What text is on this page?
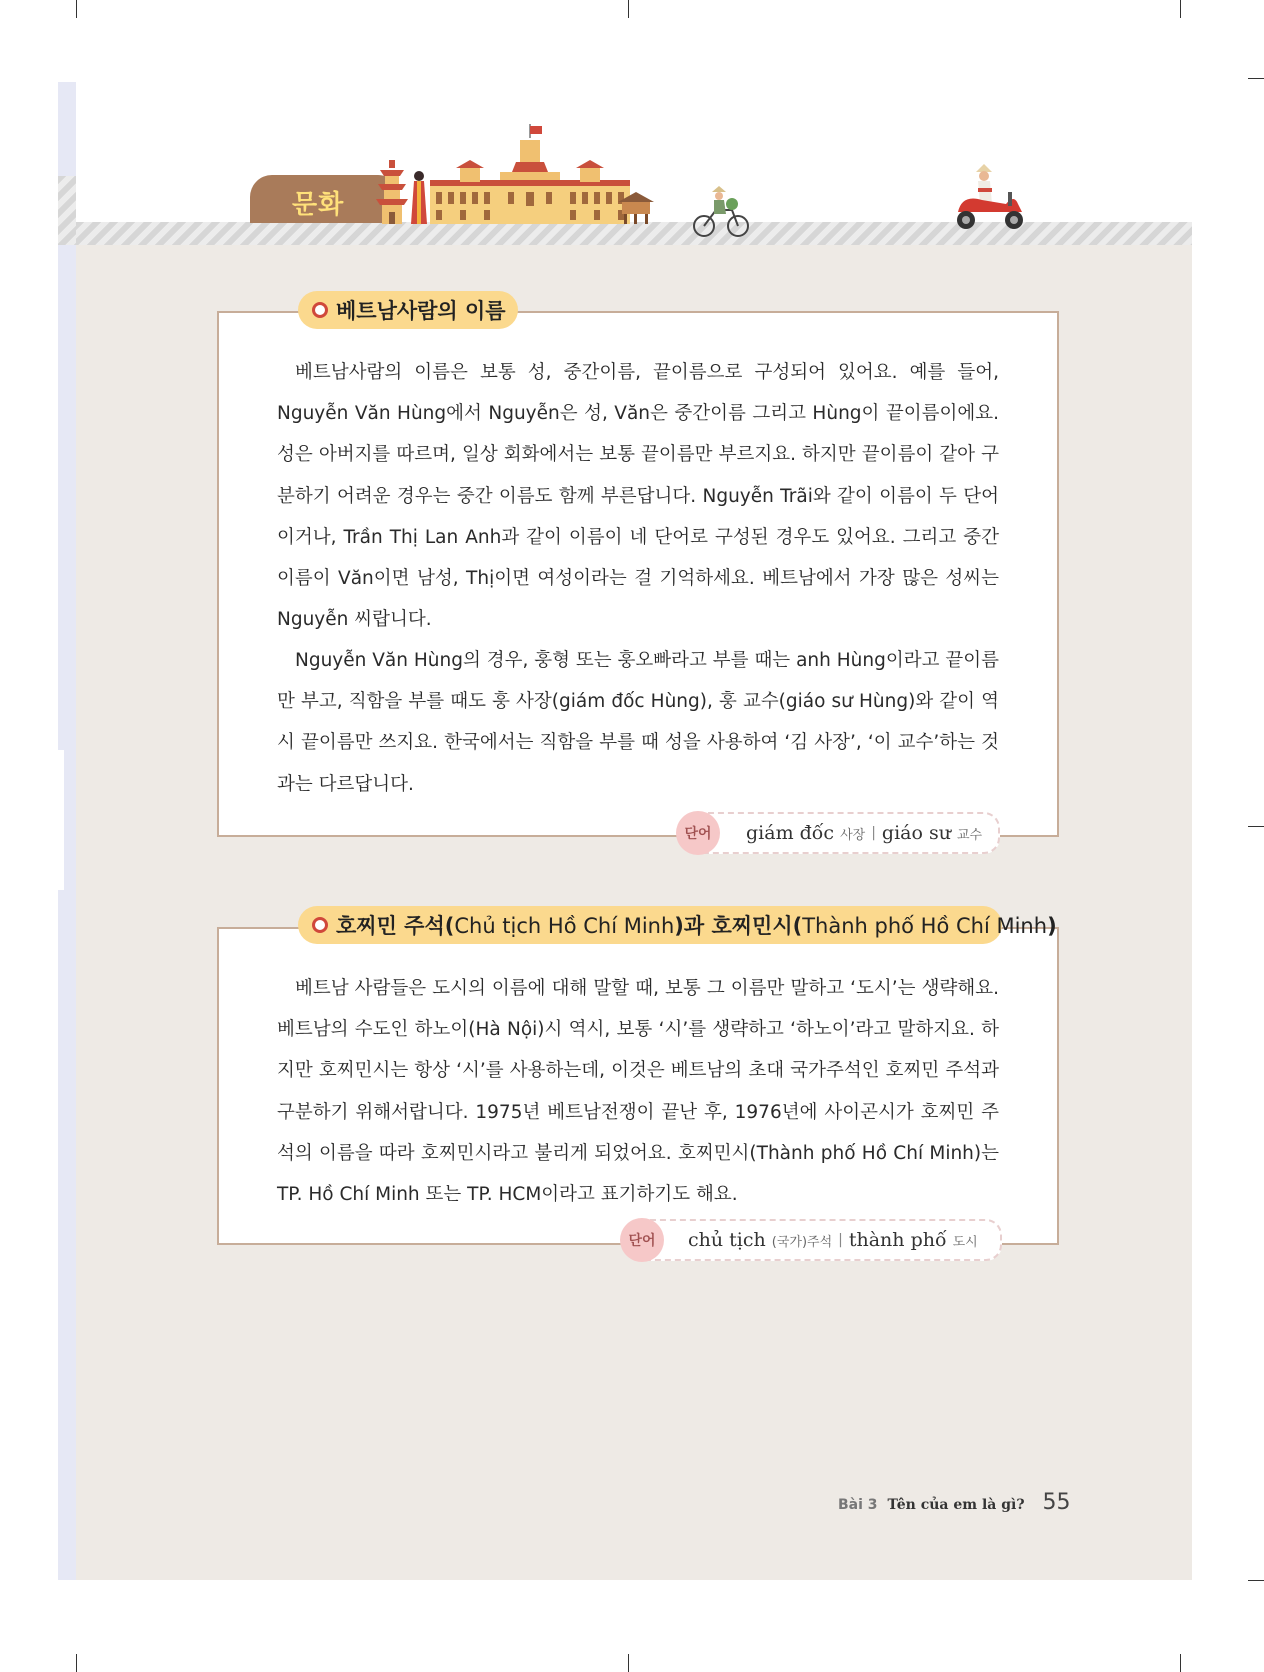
문화
베트남사람의 이름

베트남사람의 이름은 보통 성, 중간이름, 끝이름으로 구성되어 있어요. 예를 들어, Nguyễn Văn Hùng에서 Nguyễn은 성, Văn은 중간이름 그리고 Hùng이 끝이름이에요. 성은 아버지를 따르며, 일상 회화에서는 보통 끝이름만 부르지요. 하지만 끝이름이 같아 구분하기 어려운 경우는 중간 이름도 함께 부른답니다. Nguyễn Trãi와 같이 이름이 두 단어이거나, Trần Thị Lan Anh과 같이 이름이 네 단어로 구성된 경우도 있어요. 그리고 중간이름이 Văn이면 남성, Thị이면 여성이라는 걸 기억하세요. 베트남에서 가장 많은 성씨는 Nguyễn 씨랍니다.

Nguyễn Văn Hùng의 경우, 훙형 또는 훙오빠라고 부를 때는 anh Hùng이라고 끝이름만 부고, 직함을 부를 때도 훙 사장(giám đốc Hùng), 훙 교수(giáo sư Hùng)와 같이 역시 끝이름만 쓰지요. 한국에서는 직함을 부를 때 성을 사용하여 ‘김 사장’, ‘이 교수’하는 것과는 다르답니다.

giám đốc 사장 | giáo sư 교수
단어
호찌민 주석(Chủ tịch Hồ Chí Minh)과 호찌민시(Thành phố Hồ Chí Minh)

베트남 사람들은 도시의 이름에 대해 말할 때, 보통 그 이름만 말하고 ‘도시’는 생략해요. 베트남의 수도인 하노이(Hà Nội)시 역시, 보통 ‘시’를 생략하고 ‘하노이’라고 말하지요. 하지만 호찌민시는 항상 ‘시’를 사용하는데, 이것은 베트남의 초대 국가주석인 호찌민 주석과 구분하기 위해서랍니다. 1975년 베트남전쟁이 끝난 후, 1976년에 사이곤시가 호찌민 주석의 이름을 따라 호찌민시라고 불리게 되었어요. 호찌민시(Thành phố Hồ Chí Minh)는 TP. Hồ Chí Minh 또는 TP. HCM이라고 표기하기도 해요.

chủ tịch (국가)주석 | thành phố 도시
단어
Bài 3 Tên của em là gì? 55
